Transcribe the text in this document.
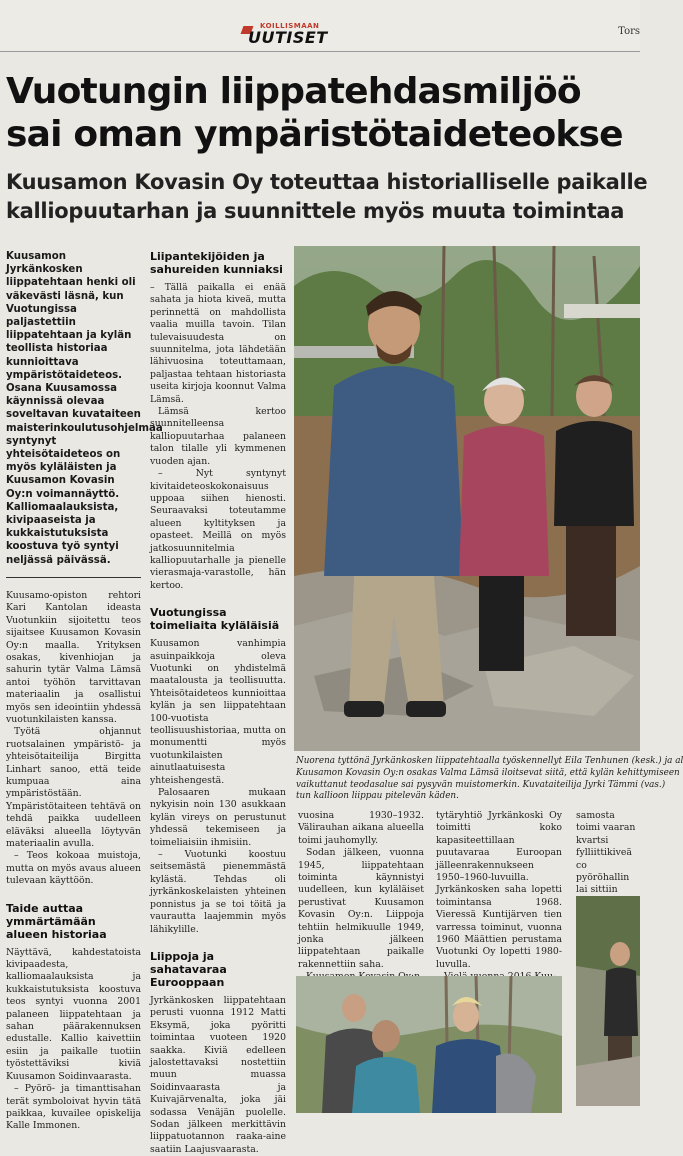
KOILLISMAAN
UUTISET	Tors
Vuotungin liippatehdasmiljöö
sai oman ympäristötaideteokse
Kuusamon Kovasin Oy toteuttaa historialliselle paikalle
kalliopuutarhan ja suunnittele myös muuta toimintaa

Kuusamon Jyrkänkosken liippatehtaan henki oli väkevästi läsnä, kun Vuotungissa paljastettiin liippatehtaan ja kylän teollista historiaa kunnioittava ympäristötaideteos. Osana Kuusamossa käynnissä olevaa soveltavan kuvataiteen maisterinkoulutusohjelmaa syntynyt yhteisötaideteos on myös kyläläisten ja Kuusamon Kovasin Oy:n voimannäyttö. Kalliomaalauksista, kivipaaseista ja kukkaistutuksista koostuva työ syntyi neljässä päivässä.

Kuusamo-opiston rehtori Kari Kantolan ideasta Vuotunkiin sijoitettu teos sijaitsee Kuusamon Kovasin Oy:n maalla. Yrityksen osakas, kivenhiojan ja sahurin tytär Valma Lämsä antoi työhön tarvittavan materiaalin ja osallistui myös sen ideointiin yhdessä vuotunkilaisten kanssa.

Työtä ohjannut ruotsalainen ympäristö- ja yhteisötaiteilija Birgitta Linhart sanoo, että teide kumpuaa aina ympäristöstään. Ympäristötaiteen tehtävä on tehdä paikka uudelleen eläväksi alueella löytyvän materiaalin avulla.

– Teos kokoaa muistoja, mutta on myös avaus alueen tulevaan käyttöön.

Taide auttaa ymmärtämään alueen historiaa

Näyttävä, kahdestatoista kivipaadesta, kalliomaalauksista ja kukkaistutuksista koostuva teos syntyi vuonna 2001 palaneen liippatehtaan ja sahan päärakennuksen edustalle. Kallio kaivettiin esiin ja paikalle tuotiin työstettäviksi kiviä Kuusamon Soidinvaarasta.

– Pyörö- ja timanttisahan terät symboloivat hyvin tätä paikkaa, kuvailee opiskelija Kalle Immonen.

Liipantekijöiden ja sahureiden kunniaksi

– Tällä paikalla ei enää sahata ja hiota kiveä, mutta perinnettä on mahdollista vaalia muilla tavoin. Tilan tulevaisuudesta on suunnitelma, jota lähdetään lähivuosina toteuttamaan, paljastaa tehtaan historiasta useita kirjoja koonnut Valma Lämsä.

Lämsä kertoo suunnitelleensa kalliopuutarhaa palaneen talon tilalle yli kymmenen vuoden ajan.

– Nyt syntynyt kivitaideteoskokonaisuus uppoaa siihen hienosti. Seuraavaksi toteutamme alueen kyltityksen ja opasteet. Meillä on myös jatkosuunnitelmia kalliopuutarhalle ja pienelle vierasmaja-varastolle, hän kertoo.

Vuotungissa toimeliaita kyläläisiä

Kuusamon vanhimpia asuinpaikkoja oleva Vuotunki on yhdistelmä maatalousta ja teollisuutta. Yhteisötaideteos kunnioittaa kylän ja sen liippatehtaan 100-vuotista teollisuushistoriaa, mutta on monumentti myös vuotunkilaisten ainutlaatuisesta yhteishengestä.

Palosaaren mukaan nykyisin noin 130 asukkaan kylän vireys on perustunut yhdessä tekemiseen ja toimeliaisiin ihmisiin.

– Vuotunki koostuu seitsemästä pienemmästä kylästä. Tehdas oli jyrkänkoskelaisten yhteinen ponnistus ja se toi töitä ja vaurautta laajemmin myös lähikylille.

Liippoja ja sahatavaraa Eurooppaan

Jyrkänkosken liippatehtaan perusti vuonna 1912 Matti Eksymä, joka pyöritti toimintaa vuoteen 1920 saakka. Kiviä edelleen jalostettavaksi nostettiin muun muassa Soidinvaarasta ja Kuivajärvenalta, joka jäi sodassa Venäjän puolelle. Sodan jälkeen merkittävin liippatuotannon raaka-aine saatiin Laajusvaarasta.

Nuorena tyttönä Jyrkänkosken liippatehtaalla työskennellyt Eila Tenhunen (kesk.) ja al
Kuusamon Kovasin Oy:n osakas Valma Lämsä iloitsevat siitä, että kylän kehittymiseen
vaikuttanut teodasalue sai pysyvän muistomerkin. Kuvataiteilija Jyrki Tämmi (vas.)
tun kallioon liippau pitelevän käden.

vuosina 1930–1932. Välirauhan aikana alueella toimi jauhomylly.

Sodan jälkeen, vuonna 1945, liippatehtaan toiminta käynnistyi uudelleen, kun kyläläiset perustivat Kuusamon Kovasin Oy:n. Liippoja tehtiin helmikuulle 1949, jonka jälkeen liippatehtaan paikalle rakennettiin saha.

tytäryhtiö Jyrkänkoski Oy toimitti koko kapasiteettillaan puutavaraa Euroopan jälleenrakennukseen 1950–1960-luvuilla. Jyrkänkosken saha lopetti toimintansa 1968. Vieressä Kuntijärven tien varressa toiminut, vuonna 1960 Määttien perustama Vuotunki Oy lopetti 1980-luvulla.

samosta toimi vaaran kvartsi fylliittikiveä co pyöröhallin lai sittiin
